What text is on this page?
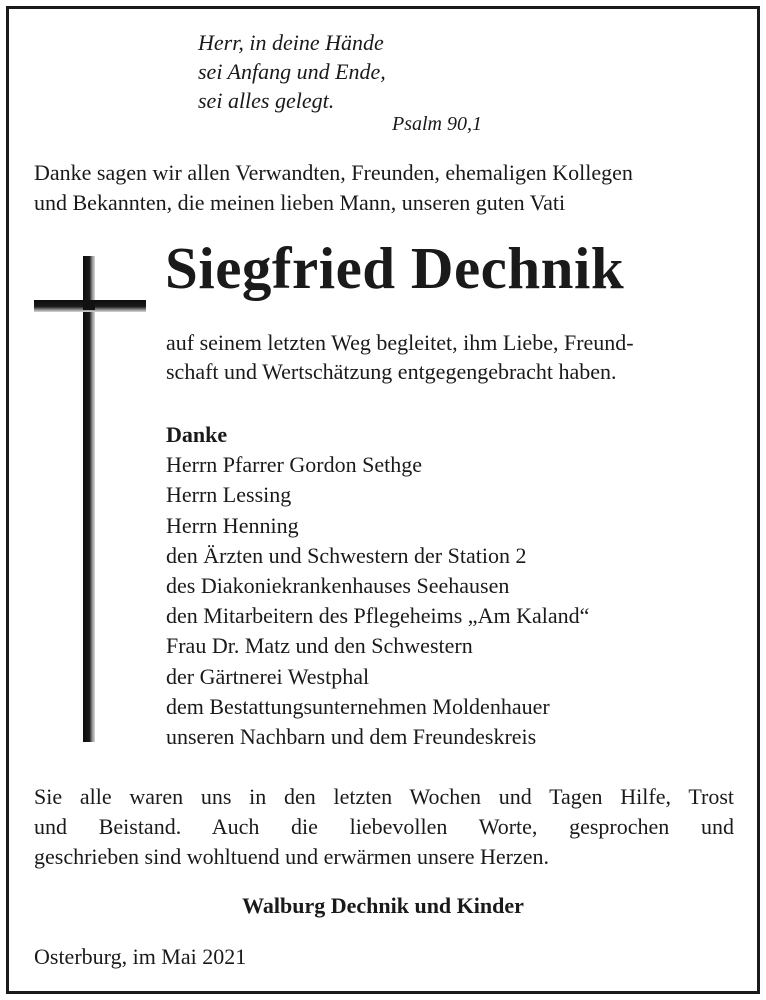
Herr, in deine Hände
sei Anfang und Ende,
sei alles gelegt.
Psalm 90,1
Danke sagen wir allen Verwandten, Freunden, ehemaligen Kollegen
und Bekannten, die meinen lieben Mann, unseren guten Vati
Siegfried Dechnik
auf seinem letzten Weg begleitet, ihm Liebe, Freund-
schaft und Wertschätzung entgegengebracht haben.
Danke
Herrn Pfarrer Gordon Sethge
Herrn Lessing
Herrn Henning
den Ärzten und Schwestern der Station 2
des Diakoniekrankenhauses Seehausen
den Mitarbeitern des Pflegeheims „Am Kaland“
Frau Dr. Matz und den Schwestern
der Gärtnerei Westphal
dem Bestattungsunternehmen Moldenhauer
unseren Nachbarn und dem Freundeskreis
Sie alle waren uns in den letzten Wochen und Tagen Hilfe, Trost
und Beistand. Auch die liebevollen Worte, gesprochen und
geschrieben sind wohltuend und erwärmen unsere Herzen.
Walburg Dechnik und Kinder
Osterburg, im Mai 2021
